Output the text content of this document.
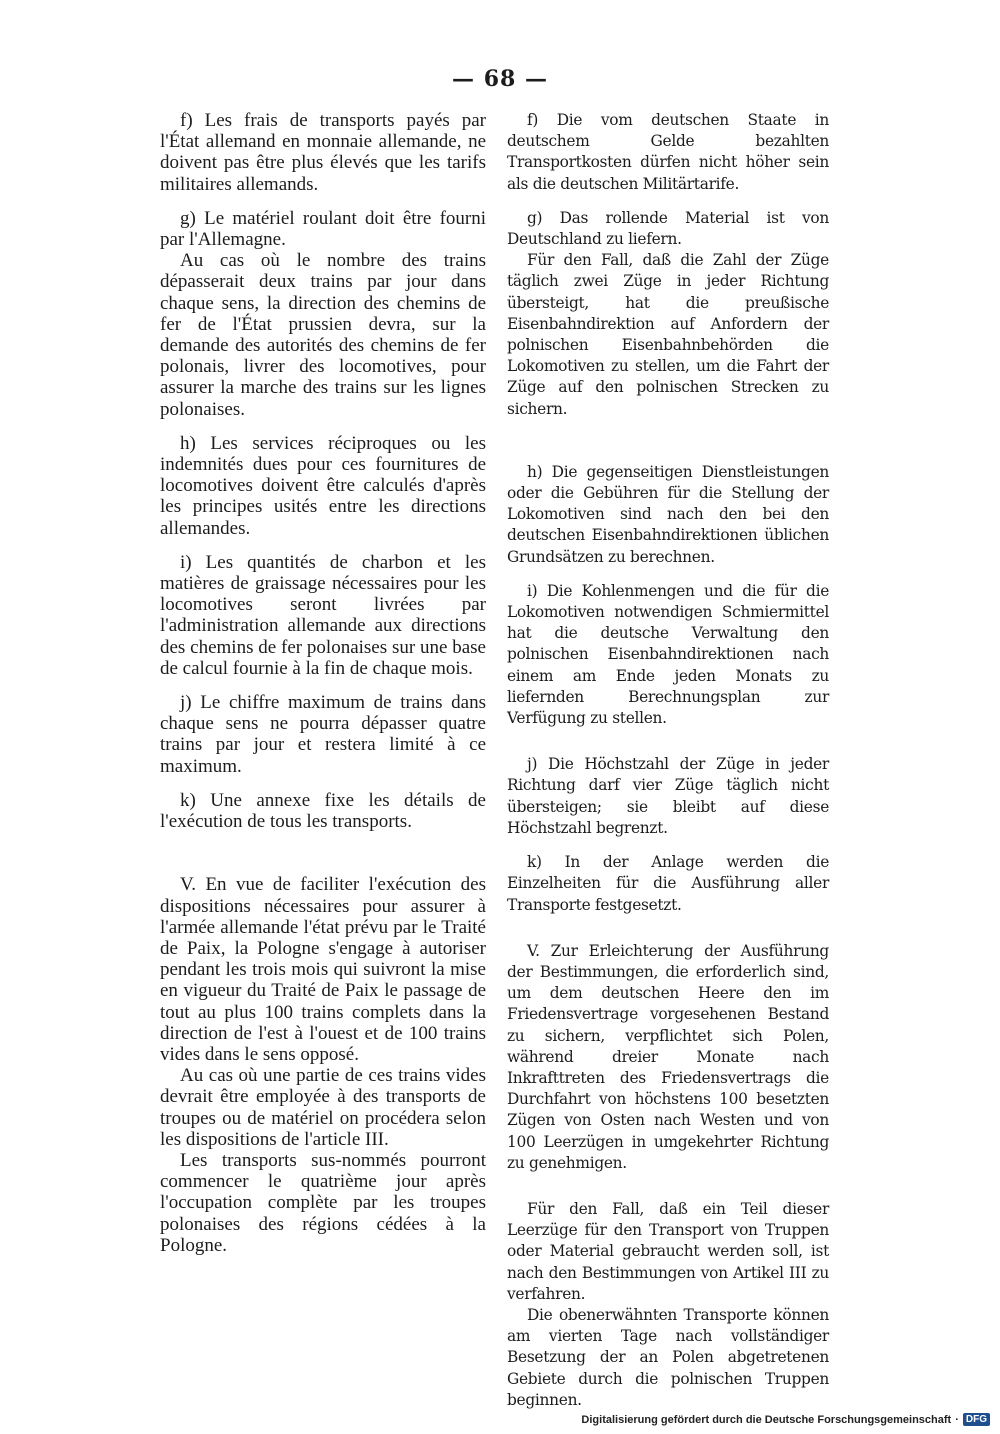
— 68 —

f) Les frais de transports payés par l'État allemand en monnaie allemande, ne doivent pas être plus élevés que les tarifs militaires allemands.

g) Le matériel roulant doit être fourni par l'Allemagne.

Au cas où le nombre des trains dépasserait deux trains par jour dans chaque sens, la direction des chemins de fer de l'État prussien devra, sur la demande des autorités des chemins de fer polonais, livrer des locomotives, pour assurer la marche des trains sur les lignes polonaises.

h) Les services réciproques ou les indemnités dues pour ces fournitures de locomotives doivent être calculés d'après les principes usités entre les directions allemandes.

i) Les quantités de charbon et les matières de graissage nécessaires pour les locomotives seront livrées par l'administration allemande aux directions des chemins de fer polonaises sur une base de calcul fournie à la fin de chaque mois.

j) Le chiffre maximum de trains dans chaque sens ne pourra dépasser quatre trains par jour et restera limité à ce maximum.

k) Une annexe fixe les détails de l'exécution de tous les transports.

V. En vue de faciliter l'exécution des dispositions nécessaires pour assurer à l'armée allemande l'état prévu par le Traité de Paix, la Pologne s'engage à autoriser pendant les trois mois qui suivront la mise en vigueur du Traité de Paix le passage de tout au plus 100 trains complets dans la direction de l'est à l'ouest et de 100 trains vides dans le sens opposé.

Au cas où une partie de ces trains vides devrait être employée à des transports de troupes ou de matériel on procédera selon les dispositions de l'article III.

Les transports sus-nommés pourront commencer le quatrième jour après l'occupation complète par les troupes polonaises des régions cédées à la Pologne.

f) Die vom deutschen Staate in deutschem Gelde bezahlten Transportkosten dürfen nicht höher sein als die deutschen Militärtarife.

g) Das rollende Material ist von Deutschland zu liefern.

Für den Fall, daß die Zahl der Züge täglich zwei Züge in jeder Richtung übersteigt, hat die preußische Eisenbahndirektion auf Anfordern der polnischen Eisenbahnbehörden die Lokomotiven zu stellen, um die Fahrt der Züge auf den polnischen Strecken zu sichern.

h) Die gegenseitigen Dienstleistungen oder die Gebühren für die Stellung der Lokomotiven sind nach den bei den deutschen Eisenbahndirektionen üblichen Grundsätzen zu berechnen.

i) Die Kohlenmengen und die für die Lokomotiven notwendigen Schmiermittel hat die deutsche Verwaltung den polnischen Eisenbahndirektionen nach einem am Ende jeden Monats zu liefernden Berechnungsplan zur Verfügung zu stellen.

j) Die Höchstzahl der Züge in jeder Richtung darf vier Züge täglich nicht übersteigen; sie bleibt auf diese Höchstzahl begrenzt.

k) In der Anlage werden die Einzelheiten für die Ausführung aller Transporte festgesetzt.

V. Zur Erleichterung der Ausführung der Bestimmungen, die erforderlich sind, um dem deutschen Heere den im Friedensvertrage vorgesehenen Bestand zu sichern, verpflichtet sich Polen, während dreier Monate nach Inkrafttreten des Friedensvertrags die Durchfahrt von höchstens 100 besetzten Zügen von Osten nach Westen und von 100 Leerzügen in umgekehrter Richtung zu genehmigen.

Für den Fall, daß ein Teil dieser Leerzüge für den Transport von Truppen oder Material gebraucht werden soll, ist nach den Bestimmungen von Artikel III zu verfahren.

Die obenerwähnten Transporte können am vierten Tage nach vollständiger Besetzung der an Polen abgetretenen Gebiete durch die polnischen Truppen beginnen.

Digitalisierung gefördert durch die Deutsche Forschungsgemeinschaft · DFG
